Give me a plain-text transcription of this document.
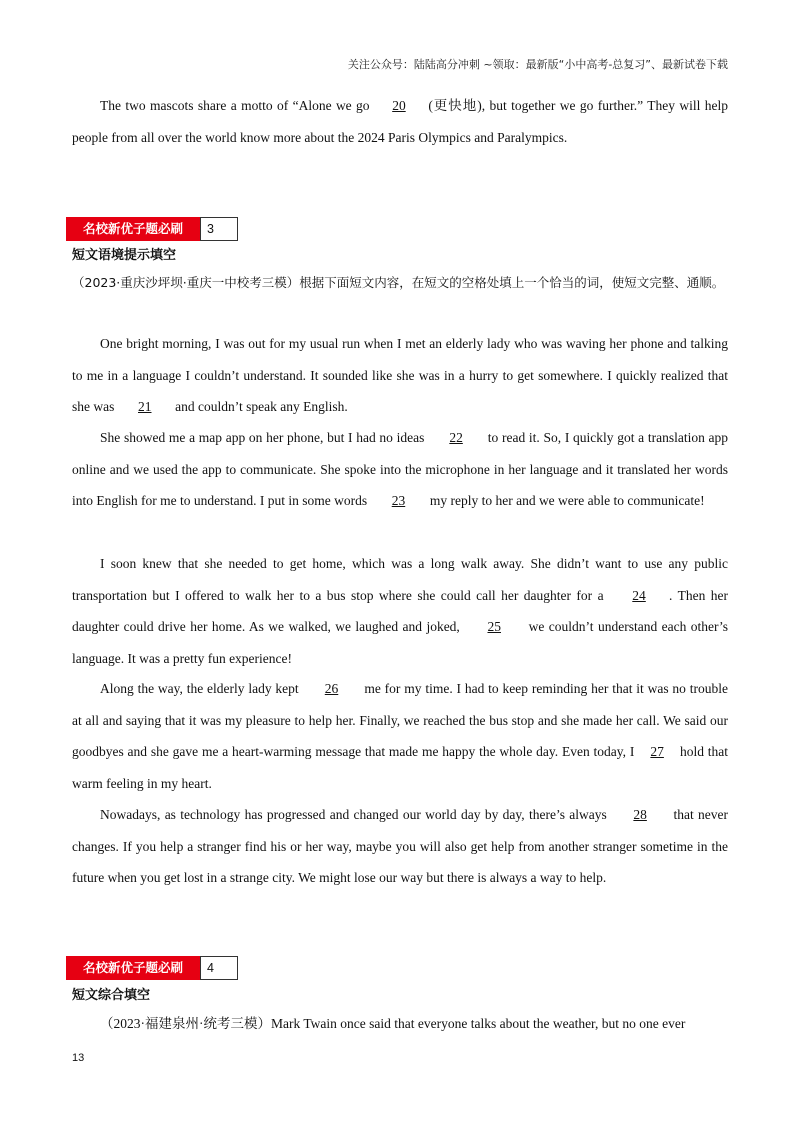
关注公众号：陆陆高分冲刺 ~领取：最新版“小中高考-总复习”、最新试卷下载

The two mascots share a motto of “Alone we go 20 (更快地), but together we go further.” They will help people from all over the world know more about the 2024 Paris Olympics and Paralympics.

名校新优子题必刷	3
短文语境提示填空
（2023·重庆沙坪坝·重庆一中校考三模）根据下面短文内容，在短文的空格处填上一个恰当的词，使短文完整、通顺。

One bright morning, I was out for my usual run when I met an elderly lady who was waving her phone and talking to me in a language I couldn’t understand. It sounded like she was in a hurry to get somewhere. I quickly realized that she was 21 and couldn’t speak any English.

She showed me a map app on her phone, but I had no ideas 22 to read it. So, I quickly got a translation app online and we used the app to communicate. She spoke into the microphone in her language and it translated her words into English for me to understand. I put in some words 23 my reply to her and we were able to communicate!

I soon knew that she needed to get home, which was a long walk away. She didn’t want to use any public transportation but I offered to walk her to a bus stop where she could call her daughter for a 24 . Then her daughter could drive her home. As we walked, we laughed and joked, 25 we couldn’t understand each other’s language. It was a pretty fun experience!

Along the way, the elderly lady kept 26 me for my time. I had to keep reminding her that it was no trouble at all and saying that it was my pleasure to help her. Finally, we reached the bus stop and she made her call. We said our goodbyes and she gave me a heart-warming message that made me happy the whole day. Even today, I 27 hold that warm feeling in my heart.

Nowadays, as technology has progressed and changed our world day by day, there’s always 28 that never changes. If you help a stranger find his or her way, maybe you will also get help from another stranger sometime in the future when you get lost in a strange city. We might lose our way but there is always a way to help.

名校新优子题必刷	4
短文综合填空

（2023·福建泉州·统考三模）Mark Twain once said that everyone talks about the weather, but no one ever

13
